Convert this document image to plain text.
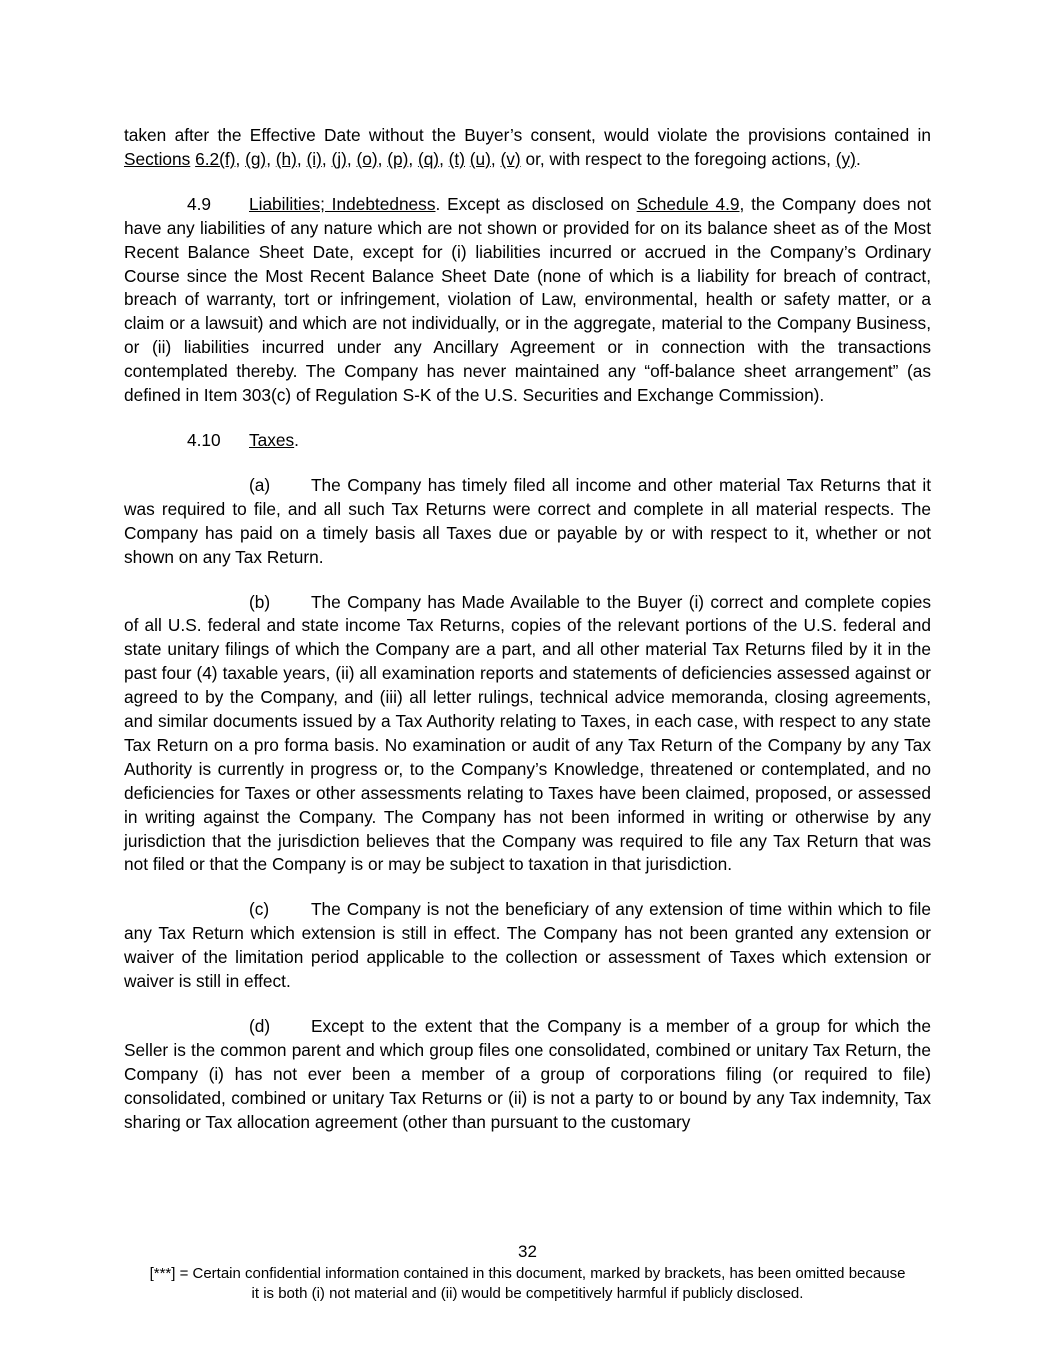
taken after the Effective Date without the Buyer’s consent, would violate the provisions contained in Sections 6.2(f), (g), (h), (i), (j), (o), (p), (q), (t) (u), (v) or, with respect to the foregoing actions, (y).

4.9 Liabilities; Indebtedness. Except as disclosed on Schedule 4.9, the Company does not have any liabilities of any nature which are not shown or provided for on its balance sheet as of the Most Recent Balance Sheet Date, except for (i) liabilities incurred or accrued in the Company’s Ordinary Course since the Most Recent Balance Sheet Date (none of which is a liability for breach of contract, breach of warranty, tort or infringement, violation of Law, environmental, health or safety matter, or a claim or a lawsuit) and which are not individually, or in the aggregate, material to the Company Business, or (ii) liabilities incurred under any Ancillary Agreement or in connection with the transactions contemplated thereby. The Company has never maintained any “off-balance sheet arrangement” (as defined in Item 303(c) of Regulation S-K of the U.S. Securities and Exchange Commission).

4.10 Taxes.

(a) The Company has timely filed all income and other material Tax Returns that it was required to file, and all such Tax Returns were correct and complete in all material respects. The Company has paid on a timely basis all Taxes due or payable by or with respect to it, whether or not shown on any Tax Return.

(b) The Company has Made Available to the Buyer (i) correct and complete copies of all U.S. federal and state income Tax Returns, copies of the relevant portions of the U.S. federal and state unitary filings of which the Company are a part, and all other material Tax Returns filed by it in the past four (4) taxable years, (ii) all examination reports and statements of deficiencies assessed against or agreed to by the Company, and (iii) all letter rulings, technical advice memoranda, closing agreements, and similar documents issued by a Tax Authority relating to Taxes, in each case, with respect to any state Tax Return on a pro forma basis. No examination or audit of any Tax Return of the Company by any Tax Authority is currently in progress or, to the Company’s Knowledge, threatened or contemplated, and no deficiencies for Taxes or other assessments relating to Taxes have been claimed, proposed, or assessed in writing against the Company. The Company has not been informed in writing or otherwise by any jurisdiction that the jurisdiction believes that the Company was required to file any Tax Return that was not filed or that the Company is or may be subject to taxation in that jurisdiction.

(c) The Company is not the beneficiary of any extension of time within which to file any Tax Return which extension is still in effect. The Company has not been granted any extension or waiver of the limitation period applicable to the collection or assessment of Taxes which extension or waiver is still in effect.

(d) Except to the extent that the Company is a member of a group for which the Seller is the common parent and which group files one consolidated, combined or unitary Tax Return, the Company (i) has not ever been a member of a group of corporations filing (or required to file) consolidated, combined or unitary Tax Returns or (ii) is not a party to or bound by any Tax indemnity, Tax sharing or Tax allocation agreement (other than pursuant to the customary

32
[***] = Certain confidential information contained in this document, marked by brackets, has been omitted because
it is both (i) not material and (ii) would be competitively harmful if publicly disclosed.
